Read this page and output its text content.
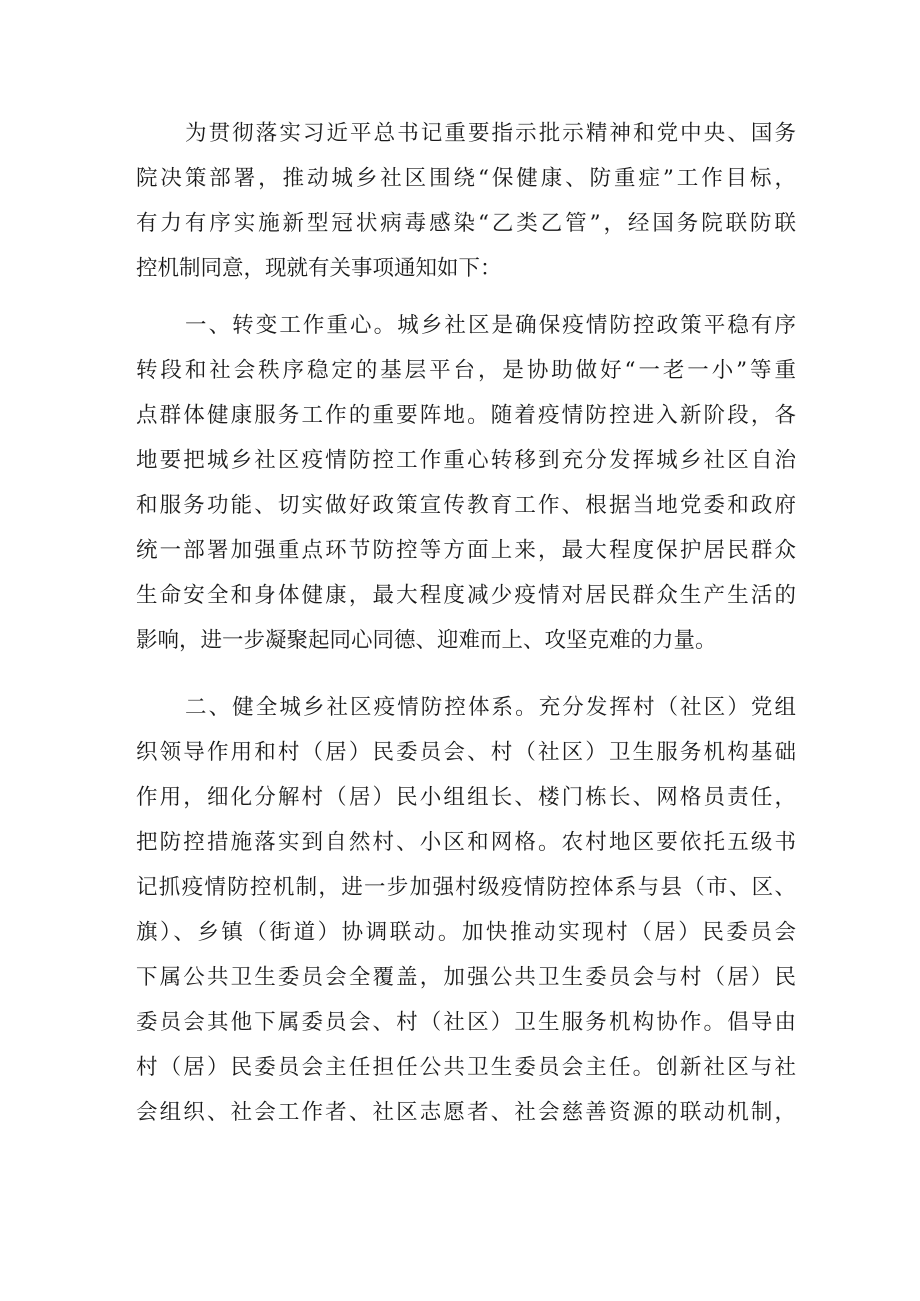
为贯彻落实习近平总书记重要指示批示精神和党中央、国务

院决策部署，推动城乡社区围绕“保健康、防重症”工作目标，

有力有序实施新型冠状病毒感染“乙类乙管”，经国务院联防联

控机制同意，现就有关事项通知如下：

一、转变工作重心。城乡社区是确保疫情防控政策平稳有序

转段和社会秩序稳定的基层平台，是协助做好“一老一小”等重

点群体健康服务工作的重要阵地。随着疫情防控进入新阶段，各

地要把城乡社区疫情防控工作重心转移到充分发挥城乡社区自治

和服务功能、切实做好政策宣传教育工作、根据当地党委和政府

统一部署加强重点环节防控等方面上来，最大程度保护居民群众

生命安全和身体健康，最大程度减少疫情对居民群众生产生活的

影响，进一步凝聚起同心同德、迎难而上、攻坚克难的力量。

二、健全城乡社区疫情防控体系。充分发挥村（社区）党组

织领导作用和村（居）民委员会、村（社区）卫生服务机构基础

作用，细化分解村（居）民小组组长、楼门栋长、网格员责任，

把防控措施落实到自然村、小区和网格。农村地区要依托五级书

记抓疫情防控机制，进一步加强村级疫情防控体系与县（市、区、

旗）、乡镇（街道）协调联动。加快推动实现村（居）民委员会

下属公共卫生委员会全覆盖，加强公共卫生委员会与村（居）民

委员会其他下属委员会、村（社区）卫生服务机构协作。倡导由

村（居）民委员会主任担任公共卫生委员会主任。创新社区与社

会组织、社会工作者、社区志愿者、社会慈善资源的联动机制，
